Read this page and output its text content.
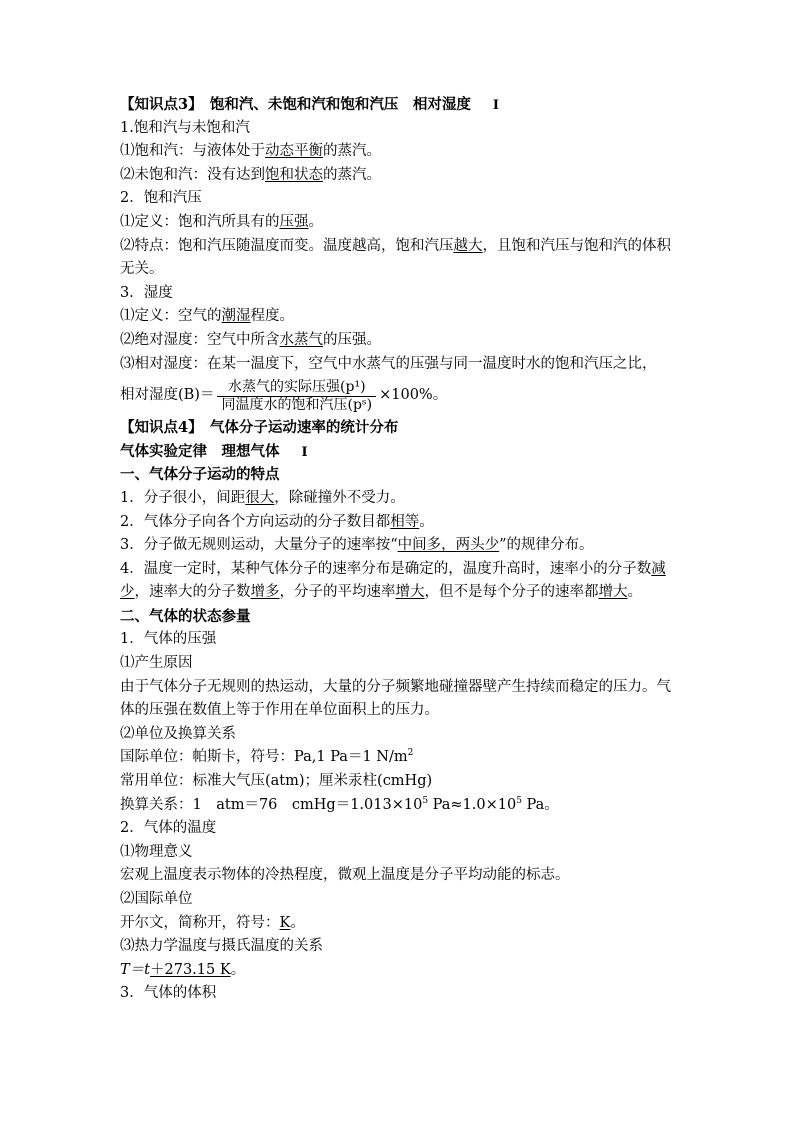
【知识点3】　饱和汽、未饱和汽和饱和汽压　相对湿度 Ⅰ
1.饱和汽与未饱和汽
⑴饱和汽：与液体处于动态平衡的蒸汽。
⑵未饱和汽：没有达到饱和状态的蒸汽。
2．饱和汽压
⑴定义：饱和汽所具有的压强。
⑵特点：饱和汽压随温度而变。温度越高，饱和汽压越大，且饱和汽压与饱和汽的体积无关。
3．湿度
⑴定义：空气的潮湿程度。
⑵绝对湿度：空气中所含水蒸气的压强。
⑶相对湿度：在某一温度下，空气中水蒸气的压强与同一温度时水的饱和汽压之比，
相对湿度$(B)= \frac{\text{水蒸气的实际压强(p¹)}}{\text{同温度水的饱和汽压(pˢ)}} \times 100\%$。
【知识点4】　气体分子运动速率的统计分布
气体实验定律　理想气体 Ⅰ
一、气体分子运动的特点
1．分子很小，间距很大，除碰撞外不受力。
2．气体分子向各个方向运动的分子数目都相等。
3．分子做无规则运动，大量分子的速率按“中间多，两头少”的规律分布。
4．温度一定时，某种气体分子的速率分布是确定的，温度升高时，速率小的分子数减少，速率大的分子数增多，分子的平均速率增大，但不是每个分子的速率都增大。
二、气体的状态参量
1．气体的压强
⑴产生原因
由于气体分子无规则的热运动，大量的分子频繁地碰撞器壁产生持续而稳定的压力。气体的压强在数值上等于作用在单位面积上的压力。
⑵单位及换算关系
国际单位：帕斯卡，符号：Pa,1 Pa＝1 $N/m^2$
常用单位：标准大气压(atm)；厘米汞柱(cmHg)
换算关系：1　atm＝76　$cmHg=1.013\times 10^5$ $Pa\approx 1.0\times 10^5$ Pa。
2．气体的温度
⑴物理意义
宏观上温度表示物体的冷热程度，微观上温度是分子平均动能的标志。
⑵国际单位
开尔文，简称开，符号：K。
⑶热力学温度与摄氏温度的关系
T＝t＋273.15 K。
3．气体的体积
